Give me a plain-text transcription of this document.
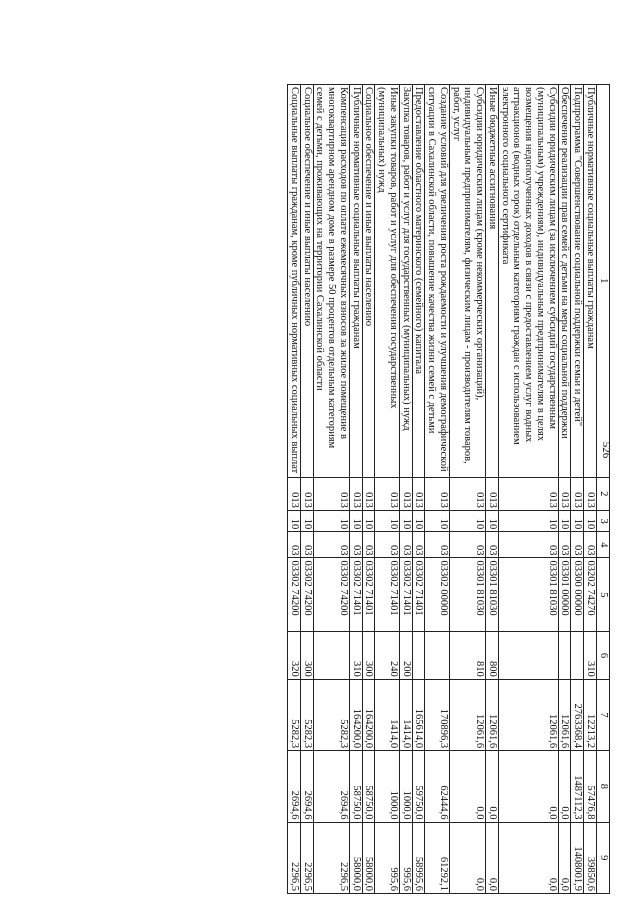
526
1	2	3	4	5	6	7	8	9
Публичные нормативные социальные выплаты гражданам	013	10	03	03202 74270	310	12213,2	57476,8	39850,6
Подпрограмма "Совершенствование социальной поддержки семьи и детей"	013	10	03	03300 00000		2763368,4	1487112,3	1408001,9
Обеспечение реализации прав семей с детьми на меры социальной поддержки	013	10	03	03301 00000		12061,6	0,0	0,0
Субсидии юридическим лицам (за исключением субсидий государственным (муниципальным) учреждениям), индивидуальным предпринимателям в целях возмещения недополученных доходов в связи с предоставлением услуг водных аттракционов (водных горок) отдельным категориям граждан с использованием электронного социального сертификата	013	10	03	03301 81030		12061,6	0,0	0,0
Иные бюджетные ассигнования	013	10	03	03301 81030	800	12061,6	0,0	0,0
Субсидии юридическим лицам (кроме некоммерческих организаций), индивидуальным предпринимателям, физическим лицам - производителям товаров, работ, услуг	013	10	03	03301 81030	810	12061,6	0,0	0,0
Создание условий для увеличения роста рождаемости и улучшения демографической ситуации в Сахалинской области, повышение качества жизни семей с детьми	013	10	03	03302 00000		170896,3	62444,6	61292,1
Предоставление областного материнского (семейного) капитала	013	10	03	03302 71401		165614,0	59750,0	58995,6
Закупка товаров, работ и услуг для государственных (муниципальных) нужд	013	10	03	03302 71401	200	1414,0	1000,0	995,6
Иные закупки товаров, работ и услуг для обеспечения государственных (муниципальных) нужд	013	10	03	03302 71401	240	1414,0	1000,0	995,6
Социальное обеспечение и иные выплаты населению	013	10	03	03302 71401	300	164200,0	58750,0	58000,0
Публичные нормативные социальные выплаты гражданам	013	10	03	03302 71401	310	164200,0	58750,0	58000,0
Компенсация расходов по оплате ежемесячных взносов за жилое помещение в многоквартирном арендном доме в размере 50 процентов отдельным категориям семей с детьми, проживающих на территории Сахалинской области	013	10	03	03302 74200		5282,3	2694,6	2296,5
Социальное обеспечение и иные выплаты населению	013	10	03	03302 74200	300	5282,3	2694,6	2296,5
Социальные выплаты гражданам, кроме публичных нормативных социальных выплат	013	10	03	03302 74200	320	5282,3	2694,6	2296,5
